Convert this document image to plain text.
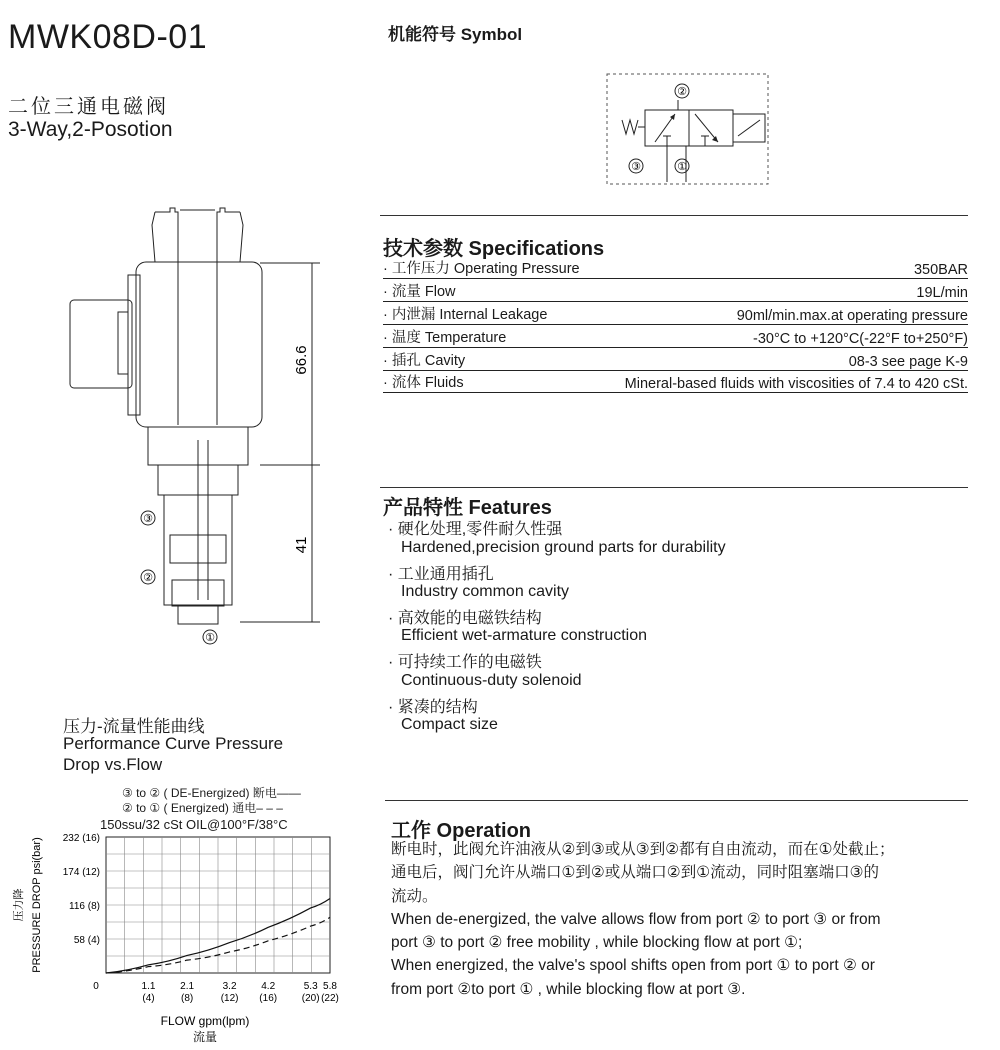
MWK08D-01
二位三通电磁阀
3-Way,2-Posotion
机能符号 Symbol
②
③	①
66.6
41
③
②
①
技术参数 Specifications
· 工作压力 Operating Pressure	350BAR
· 流量 Flow	19L/min
· 内泄漏 Internal Leakage	90ml/min.max.at operating pressure
· 温度 Temperature	-30°C to +120°C(-22°F to+250°F)
· 插孔 Cavity	08-3 see page K-9
· 流体 Fluids	Mineral-based fluids with viscosities of 7.4 to 420 cSt.
产品特性 Features
· 硬化处理,零件耐久性强
Hardened,precision ground parts for durability
· 工业通用插孔
Industry common cavity
· 高效能的电磁铁结构
Efficient wet-armature construction
· 可持续工作的电磁铁
Continuous-duty solenoid
· 紧凑的结构
Compact size
工作 Operation
断电时，此阀允许油液从②到③或从③到②都有自由流动，而在①处截止；
通电后，阀门允许从端口①到②或从端口②到①流动，同时阻塞端口③的
流动。
When de-energized, the valve allows flow from port ② to port ③ or from
port ③ to port ② free mobility , while blocking flow at port ①;
When energized, the valve's spool shifts open from port ① to port ② or
from port ②to port ① , while blocking flow at port ③.
压力-流量性能曲线
Performance Curve Pressure
Drop vs.Flow
③ to ② ( DE-Energized) 断电——
② to ① ( Energized) 通电– – –
150ssu/32 cSt OIL@100°F/38°C
58 (4)
116 (8)
174 (12)
232 (16)
0	1.1
(4)
2.1
(8)
3.2
(12)
4.2
(16)
5.3
(20)
5.8
(22)
PRESSURE DROP psi(bar)
压力降
FLOW gpm(lpm)
流量
